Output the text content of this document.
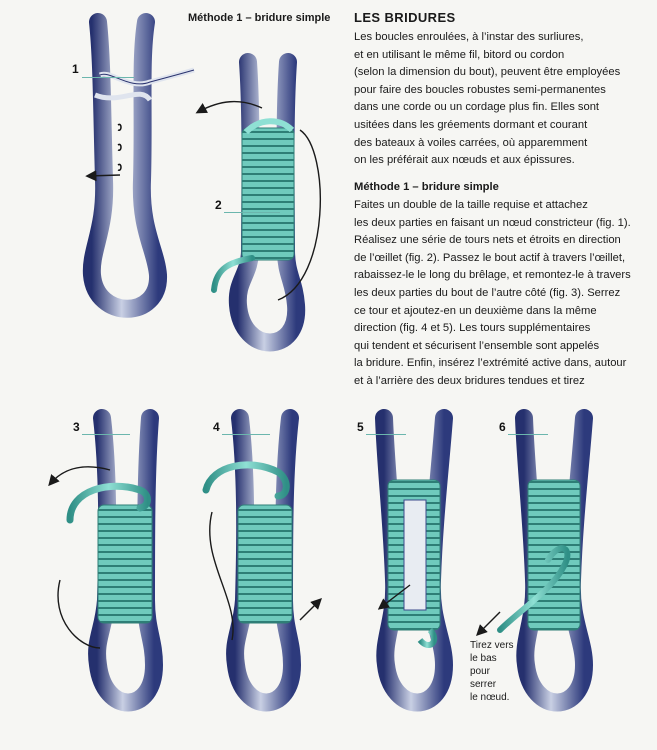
1
2
3	4	5	6
Méthode 1 – bridure simple LES BRIDURES
Les boucles enroulées, à l’instar des surliures,
et en utilisant le même fil, bitord ou cordon
(selon la dimension du bout), peuvent être employées
pour faire des boucles robustes semi-permanentes
dans une corde ou un cordage plus fin. Elles sont
usitées dans les gréements dormant et courant
des bateaux à voiles carrées, où apparemment
on les préférait aux nœuds et aux épissures.
Méthode 1 – bridure simple
Faites un double de la taille requise et attachez
les deux parties en faisant un nœud constricteur (fig. 1).
Réalisez une série de tours nets et étroits en direction
de l’œillet (fig. 2). Passez le bout actif à travers l’œillet,
rabaissez-le le long du brêlage, et remontez-le à travers
les deux parties du bout de l’autre côté (fig. 3). Serrez
ce tour et ajoutez-en un deuxième dans la même
direction (fig. 4 et 5). Les tours supplémentaires
qui tendent et sécurisent l’ensemble sont appelés
la bridure. Enfin, insérez l’extrémité active dans, autour
et à l’arrière des deux bridures tendues et tirez
Tirez vers
le bas
pour
serrer
le nœud.
